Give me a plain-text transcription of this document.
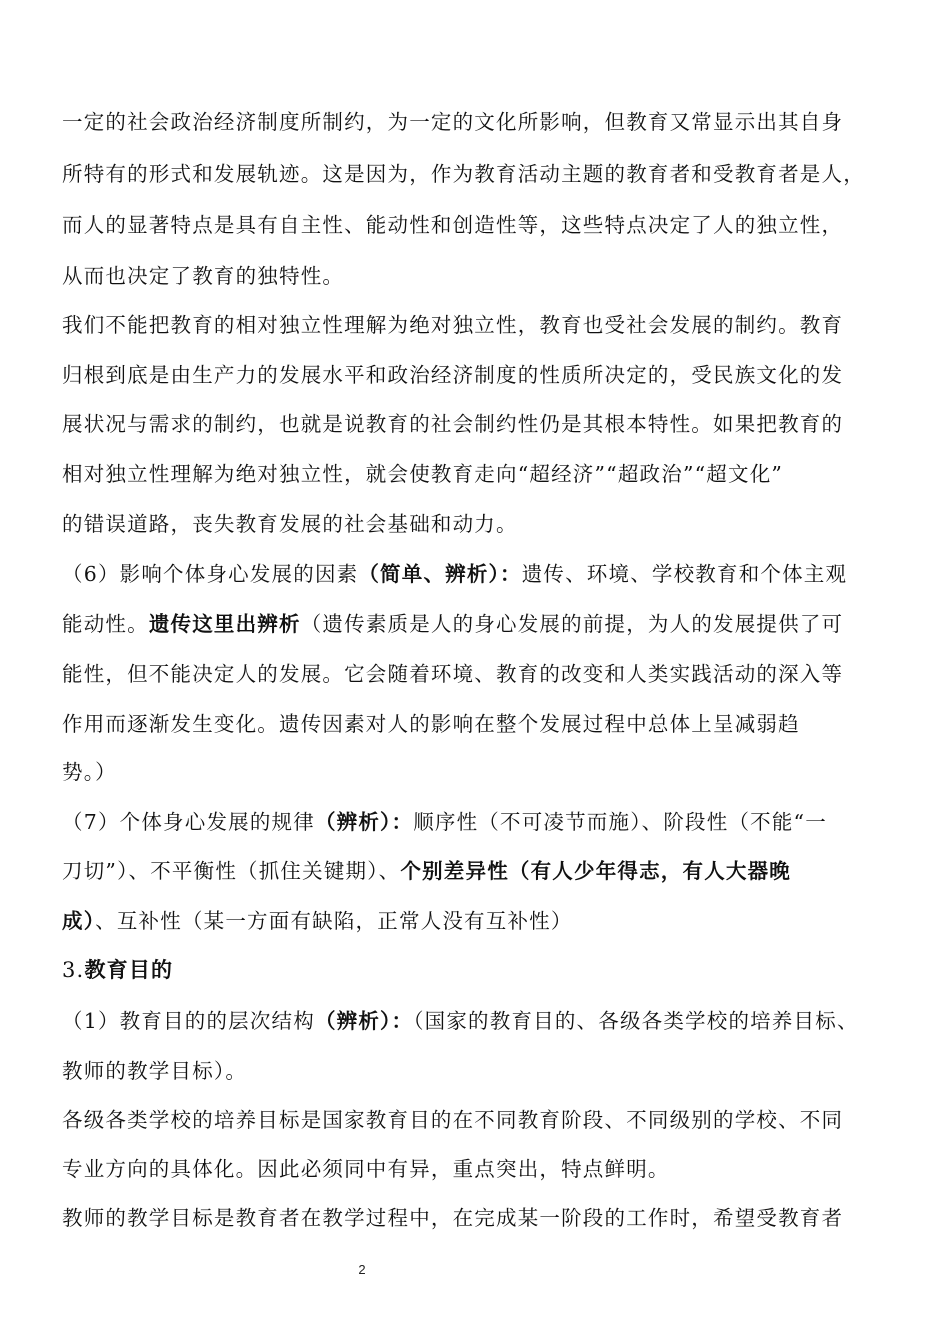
一定的社会政治经济制度所制约，为一定的文化所影响，但教育又常显示出其自身
所特有的形式和发展轨迹。这是因为，作为教育活动主题的教育者和受教育者是人，
而人的显著特点是具有自主性、能动性和创造性等，这些特点决定了人的独立性，
从而也决定了教育的独特性。
我们不能把教育的相对独立性理解为绝对独立性，教育也受社会发展的制约。教育
归根到底是由生产力的发展水平和政治经济制度的性质所决定的，受民族文化的发
展状况与需求的制约，也就是说教育的社会制约性仍是其根本特性。如果把教育的
相对独立性理解为绝对独立性，就会使教育走向“超经济”“超政治”“超文化”
的错误道路，丧失教育发展的社会基础和动力。
（6）影响个体身心发展的因素（简单、辨析）：遗传、环境、学校教育和个体主观
能动性。遗传这里出辨析（遗传素质是人的身心发展的前提，为人的发展提供了可
能性，但不能决定人的发展。它会随着环境、教育的改变和人类实践活动的深入等
作用而逐渐发生变化。遗传因素对人的影响在整个发展过程中总体上呈减弱趋
势。）
（7）个体身心发展的规律（辨析）：顺序性（不可凌节而施）、阶段性（不能“一
刀切”）、不平衡性（抓住关键期）、个别差异性（有人少年得志，有人大器晚
成）、互补性（某一方面有缺陷，正常人没有互补性）
3.教育目的
（1）教育目的的层次结构（辨析）：（国家的教育目的、各级各类学校的培养目标、
教师的教学目标）。
各级各类学校的培养目标是国家教育目的在不同教育阶段、不同级别的学校、不同
专业方向的具体化。因此必须同中有异，重点突出，特点鲜明。
教师的教学目标是教育者在教学过程中，在完成某一阶段的工作时，希望受教育者
2
